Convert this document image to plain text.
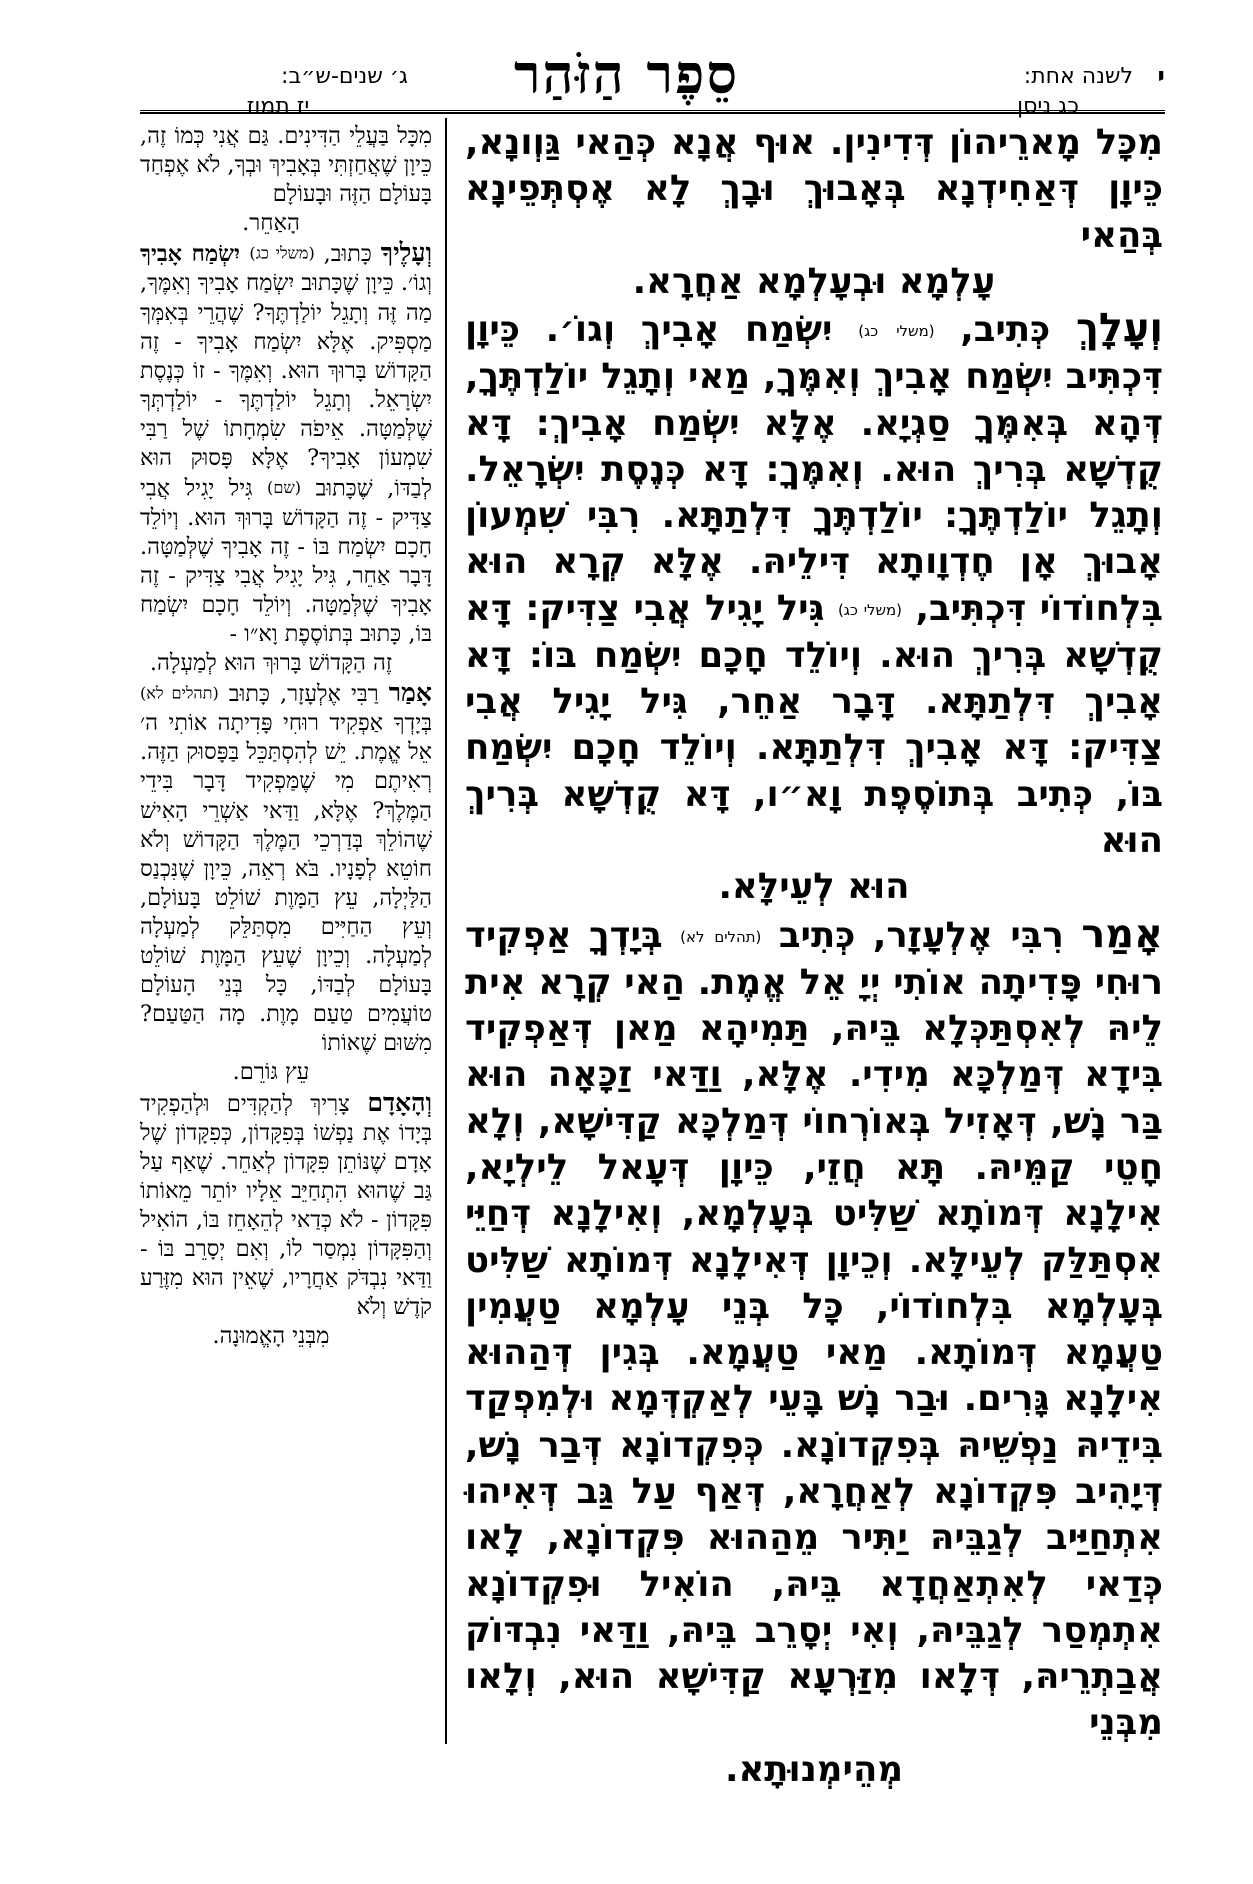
י
לשנה אחת:
כג ניסן
סֵפֶר הַזֹּהַר
ג׳ שנים-ש״ב:
יז תמוז

מִכָּל מָארֵיהוֹן דְּדִינִין. אוּף אֲנָא כְּהַאי גַּוְונָא, כֵּיוָן דְּאַחִידְנָא בְּאָבוּךְ וּבָךְ לָא אֶסְתְּפֵינָא בְּהַאי

עָלְמָא וּבְעָלְמָא אַחֲרָא.

וְעָלָךְ כְּתִיב, (משלי כג) יִשְׂמַח אָבִיךְ וְגוֹ׳. כֵּיוָן דִּכְתִּיב יִשְׂמַח אָבִיךְ וְאִמֶּךָ, מַאי וְתָגֵל יוֹלַדְתֶּךָ, דְּהָא בְּאִמֶּךָ סַגְיָא. אֶלָּא יִשְׂמַח אָבִיךְ: דָּא קֻדְשָׁא בְּרִיךְ הוּא. וְאִמֶּךָ: דָּא כְּנֶסֶת יִשְׂרָאֵל. וְתָגֵל יוֹלַדְתֶּךָ: יוֹלַדְתֶּךָ דִּלְתַתָּא. רִבִּי שִׁמְעוֹן אָבוּךְ אָן חֶדְוָותָא דִּילֵיהּ. אֶלָּא קְרָא הוּא בִּלְחוֹדוֹי דִּכְתִּיב, (משלי כג) גִּיל יָגִיל אֲבִי צַדִּיק: דָּא קֻדְשָׁא בְּרִיךְ הוּא. וְיוֹלֵד חָכָם יִשְׂמַח בּוֹ: דָּא אָבִיךְ דִּלְתַתָּא. דָּבָר אַחֵר, גִּיל יָגִיל אֲבִי צַדִּיק: דָּא אָבִיךְ דִּלְתַתָּא. וְיוֹלֵד חָכָם יִשְׂמַח בּוֹ, כְּתִיב בְּתוֹסֶפֶת וָא״ו, דָּא קֻדְשָׁא בְּרִיךְ הוּא

הוּא לְעֵילָּא.

אָמַר רִבִּי אֶלְעָזָר, כְּתִיב (תהלים לא) בְּיָדְךָ אַפְקִיד רוּחִי פָּדִיתָה אוֹתִי יְיָ אֵל אֱמֶת. הַאי קְרָא אִית לֵיהּ לְאִסְתַּכְּלָא בֵּיהּ, תַּמִיהָא מַאן דְּאַפְקִיד בִּידָא דְּמַלְכָּא מִידִי. אֶלָּא, וַדַּאי זַכָּאָה הוּא בַּר נָשׁ, דְּאָזִיל בְּאוֹרְחוֹי דְּמַלְכָּא קַדִּישָׁא, וְלָא חָטֵי קַמֵּיהּ. תָּא חֲזֵי, כֵּיוָן דְּעָאל לֵילְיָא, אִילָנָא דְּמוֹתָא שַׁלִּיט בְּעָלְמָא, וְאִילָנָא דְּחַיֵּי אִסְתַּלַּק לְעֵילָּא. וְכֵיוָן דְּאִילָנָא דְּמוֹתָא שַׁלִּיט בְּעָלְמָא בִּלְחוֹדוֹי, כָּל בְּנֵי עָלְמָא טַעֲמִין טַעֲמָא דְּמוֹתָא. מַאי טַעֲמָא. בְּגִין דְּהַהוּא אִילָנָא גָּרִים. וּבַר נָשׁ בָּעֵי לְאַקְדְּמָא וּלְמִפְקַד בִּידֵיהּ נַפְשֵׁיהּ בְּפִקְדוֹנָא. כְּפִקְדוֹנָא דְּבַר נָשׁ, דְּיָהִיב פִּקְדוֹנָא לְאַחֲרָא, דְּאַף עַל גַּב דְּאִיהוּ אִתְחַיַּיב לְגַבֵּיהּ יַתִּיר מֵהַהוּא פִּקְדוֹנָא, לָאו כְּדַאי לְאִתְאַחֲדָא בֵּיהּ, הוֹאִיל וּפִקְדוֹנָא אִתְמְסַר לְגַבֵּיהּ, וְאִי יְסָרֵב בֵּיהּ, וַדַּאי נִבְדּוֹק אֲבַתְרֵיהּ, דְּלָאו מִזַּרְעָא קַדִּישָׁא הוּא, וְלָאו מִבְּנֵי

מְהֵימְנוּתָא.

מִכָּל בַּעֲלֵי הַדִּינִים. גַּם אֲנִי כְּמוֹ זֶה, כֵּיוָן שֶׁאֲחַזְתִּי בְּאָבִיךְ וּבְךָ, לֹא אֶפְחַד בָּעוֹלָם הַזֶּה וּבָעוֹלָם

הָאַחֵר.

וְעָלֶיךָ כָּתוּב, (משלי כג) יִשְׂמַח אָבִיךָ וְגוֹ׳. כֵּיוָן שֶׁכָּתוּב יִשְׂמַח אָבִיךָ וְאִמֶּךָ, מַה זֶּה וְתָגֵל יוֹלַדְתֶּךָ? שֶׁהֲרֵי בְּאִמְּךָ מַסְפִּיק. אֶלָּא יִשְׂמַח אָבִיךָ - זֶה הַקָּדוֹשׁ בָּרוּךְ הוּא. וְאִמֶּךָ - זוֹ כְּנֶסֶת יִשְׂרָאֵל. וְתָגֵל יוֹלַדְתֶּךָ - יוֹלַדְתְּךָ שֶׁלְּמַטָּה. אֵיפֹה שִׂמְחָתוֹ שֶׁל רַבִּי שִׁמְעוֹן אָבִיךָ? אֶלָּא פָּסוּק הוּא לְבַדּוֹ, שֶׁכָּתוּב (שם) גִּיל יָגִיל אֲבִי צַדִּיק - זֶה הַקָּדוֹשׁ בָּרוּךְ הוּא. וְיוֹלֵד חָכָם יִשְׂמַח בּוֹ - זֶה אָבִיךָ שֶׁלְּמַטָּה. דָּבָר אַחֵר, גִּיל יָגִיל אֲבִי צַדִּיק - זֶה אָבִיךָ שֶׁלְּמַטָּה. וְיוֹלֵד חָכָם יִשְׂמַח בּוֹ, כָּתוּב בְּתוֹסֶפֶת וָא״ו -

זֶה הַקָּדוֹשׁ בָּרוּךְ הוּא לְמַעְלָה.

אָמַר רַבִּי אֶלְעָזָר, כָּתוּב (תהלים לא) בְּיָדְךָ אַפְקִיד רוּחִי פָּדִיתָה אוֹתִי ה׳ אֵל אֱמֶת. יֵשׁ לְהִסְתַּכֵּל בַּפָּסוּק הַזֶּה. רְאִיתֶם מִי שֶׁמַּפְקִיד דָּבָר בִּידֵי הַמֶּלֶךְ? אֶלָּא, וַדַּאי אַשְׁרֵי הָאִישׁ שֶׁהוֹלֵךְ בְּדַרְכֵי הַמֶּלֶךְ הַקָּדוֹשׁ וְלֹא חוֹטֵא לְפָנָיו. בֹּא רְאֵה, כֵּיוָן שֶׁנִּכְנַס הַלַּיְלָה, עֵץ הַמָּוֶת שׁוֹלֵט בָּעוֹלָם, וְעֵץ הַחַיִּים מִסְתַּלֵּק לְמַעְלָה לְמַעְלָה. וְכֵיוָן שֶׁעֵץ הַמָּוֶת שׁוֹלֵט בָּעוֹלָם לְבַדּוֹ, כָּל בְּנֵי הָעוֹלָם טוֹעֲמִים טַעַם מָוֶת. מָה הַטַּעַם? מִשּׁוּם שֶׁאוֹתוֹ

עֵץ גּוֹרֵם.

וְהָאָדָם צָרִיךְ לְהַקְדִּים וּלְהַפְקִיד בְּיָדוֹ אֶת נַפְשׁוֹ בְּפִקָּדוֹן, כְּפִקָּדוֹן שֶׁל אָדָם שֶׁנּוֹתֵן פִּקָּדוֹן לְאַחֵר. שֶׁאַף עַל גַּב שֶׁהוּא הִתְחַיֵּב אֵלָיו יוֹתֵר מֵאוֹתוֹ פִּקָּדוֹן - לֹא כְּדַאי לְהֵאָחֵז בּוֹ, הוֹאִיל וְהַפִּקָּדוֹן נִמְסַר לוֹ, וְאִם יְסָרֵב בּוֹ - וַדַּאי נִבְדֹּק אַחֲרָיו, שֶׁאֵין הוּא מִזֶּרַע קֹדֶשׁ וְלֹא

מִבְּנֵי הָאֱמוּנָה.
